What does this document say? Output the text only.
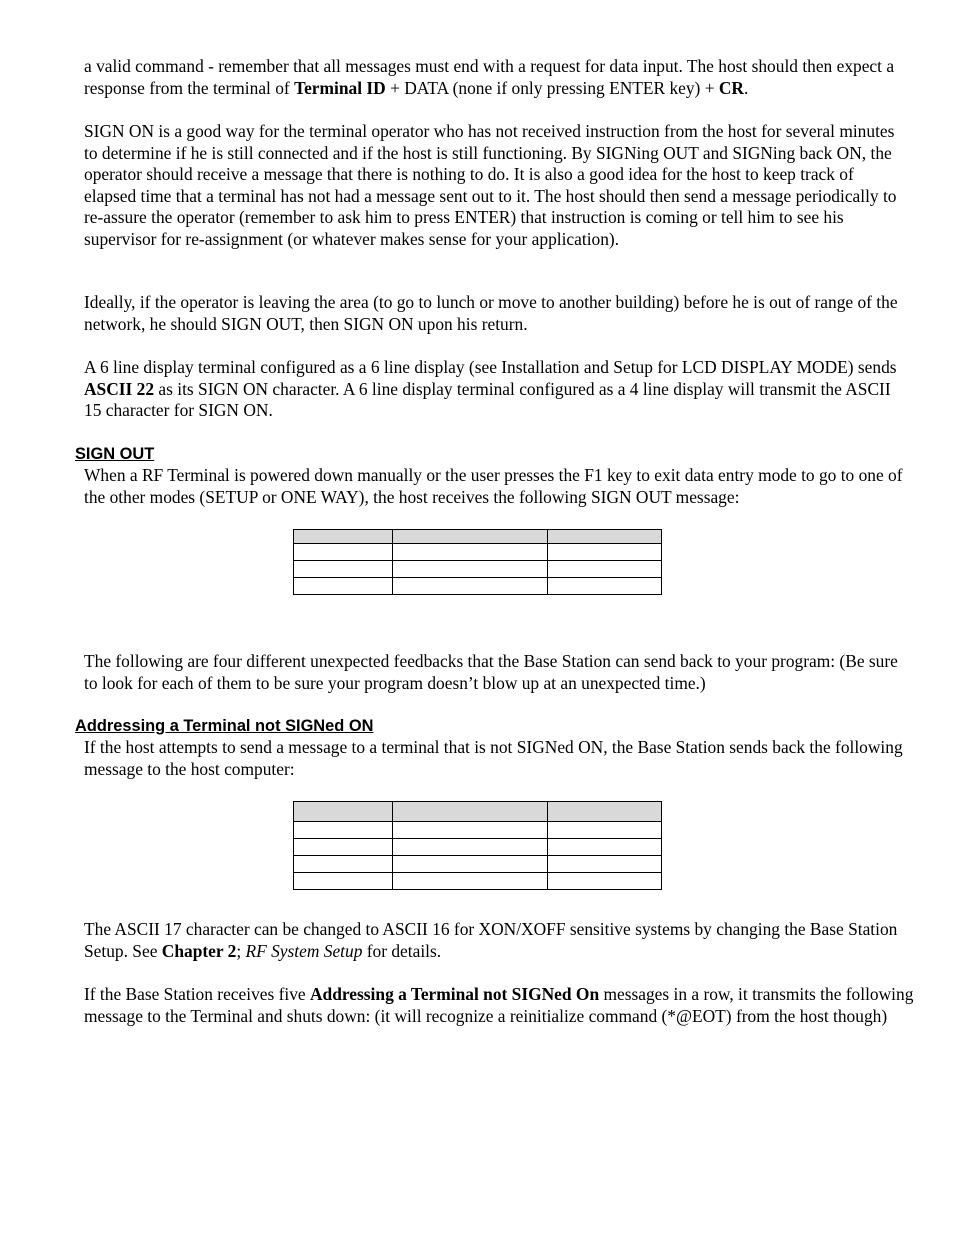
a valid command - remember that all messages must end with a request for data input. The host should then expect a response from the terminal of Terminal ID + DATA (none if only pressing ENTER key) + CR.

SIGN ON is a good way for the terminal operator who has not received instruction from the host for several minutes to determine if he is still connected and if the host is still functioning. By SIGNing OUT and SIGNing back ON, the operator should receive a message that there is nothing to do. It is also a good idea for the host to keep track of elapsed time that a terminal has not had a message sent out to it. The host should then send a message periodically to re-assure the operator (remember to ask him to press ENTER) that instruction is coming or tell him to see his supervisor for re-assignment (or whatever makes sense for your application).

Ideally, if the operator is leaving the area (to go to lunch or move to another building) before he is out of range of the network, he should SIGN OUT, then SIGN ON upon his return.

A 6 line display terminal configured as a 6 line display (see Installation and Setup for LCD DISPLAY MODE) sends ASCII 22 as its SIGN ON character. A 6 line display terminal configured as a 4 line display will transmit the ASCII 15 character for SIGN ON.

SIGN OUT

When a RF Terminal is powered down manually or the user presses the F1 key to exit data entry mode to go to one of the other modes (SETUP or ONE WAY), the host receives the following SIGN OUT message:

The following are four different unexpected feedbacks that the Base Station can send back to your program: (Be sure to look for each of them to be sure your program doesn’t blow up at an unexpected time.)

Addressing a Terminal not SIGNed ON

If the host attempts to send a message to a terminal that is not SIGNed ON, the Base Station sends back the following message to the host computer:

The ASCII 17 character can be changed to ASCII 16 for XON/XOFF sensitive systems by changing the Base Station Setup. See Chapter 2; RF System Setup for details.

If the Base Station receives five Addressing a Terminal not SIGNed On messages in a row, it transmits the following message to the Terminal and shuts down: (it will recognize a reinitialize command (*@EOT) from the host though)
